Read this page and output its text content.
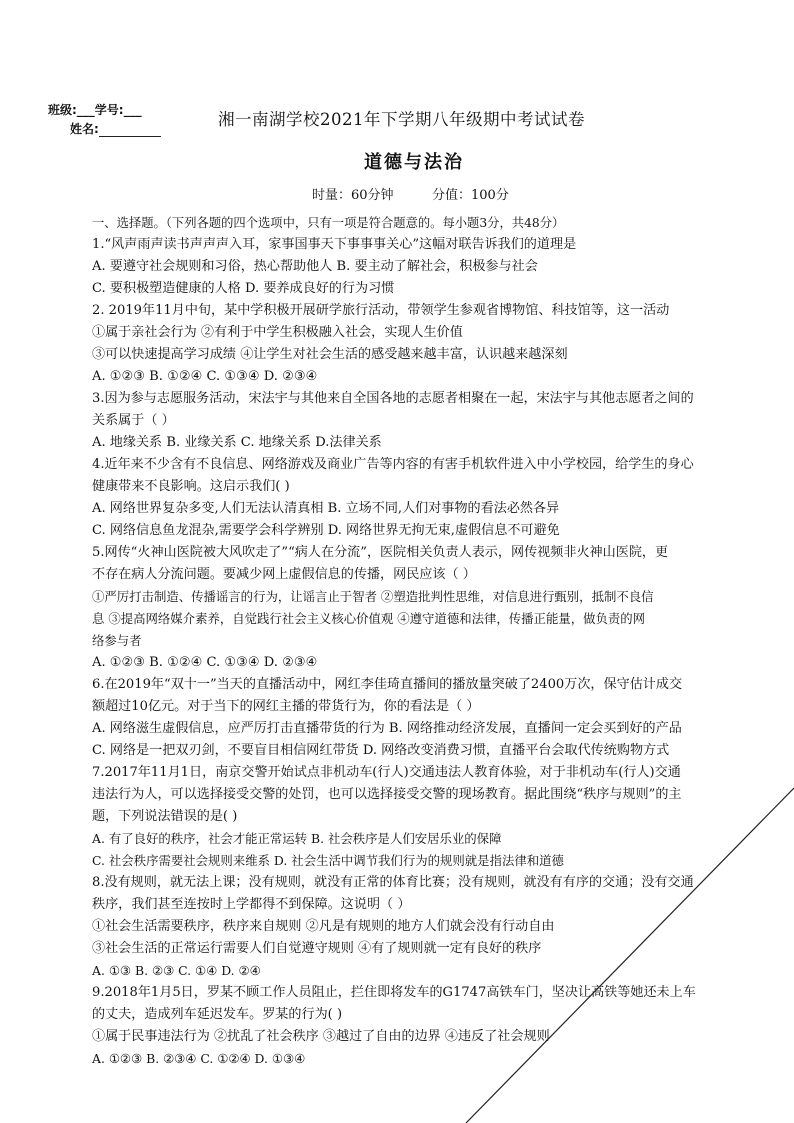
班级:___学号:___
姓名:	湘一南湖学校2021年下学期八年级期中考试试卷
道德与法治
时量：60分钟	分值：100分
一、选择题。（下列各题的四个选项中，只有一项是符合题意的。每小题3分，共48分）
1.“风声雨声读书声声声入耳，家事国事天下事事事关心”这幅对联告诉我们的道理是
A. 要遵守社会规则和习俗，热心帮助他人 B. 要主动了解社会，积极参与社会
C. 要积极塑造健康的人格 D. 要养成良好的行为习惯
2. 2019年11月中旬，某中学积极开展研学旅行活动，带领学生参观省博物馆、科技馆等，这一活动
①属于亲社会行为 ②有利于中学生积极融入社会，实现人生价值
③可以快速提高学习成绩 ④让学生对社会生活的感受越来越丰富，认识越来越深刻
A. ①②③ B. ①②④ C. ①③④ D. ②③④
3.因为参与志愿服务活动，宋法宇与其他来自全国各地的志愿者相聚在一起，宋法宇与其他志愿者之间的
关系属于（ ）
A. 地缘关系 B. 业缘关系 C. 地缘关系 D.法律关系
4.近年来不少含有不良信息、网络游戏及商业广告等内容的有害手机软件进入中小学校园，给学生的身心
健康带来不良影响。这启示我们( )
A. 网络世界复杂多变,人们无法认清真相 B. 立场不同,人们对事物的看法必然各异
C. 网络信息鱼龙混杂,需要学会科学辨别 D. 网络世界无拘无束,虚假信息不可避免
5.网传“火神山医院被大风吹走了”“病人在分流”，医院相关负责人表示，网传视频非火神山医院，更
不存在病人分流问题。要减少网上虚假信息的传播，网民应该（ ）
①严厉打击制造、传播谣言的行为，让谣言止于智者 ②塑造批判性思维，对信息进行甄别，抵制不良信
息 ③提高网络媒介素养，自觉践行社会主义核心价值观 ④遵守道德和法律，传播正能量，做负责的网
络参与者
A. ①②③ B. ①②④ C. ①③④ D. ②③④
6.在2019年“双十一”当天的直播活动中，网红李佳琦直播间的播放量突破了2400万次，保守估计成交
额超过10亿元。对于当下的网红主播的带货行为，你的看法是（ ）
A. 网络滋生虚假信息，应严厉打击直播带货的行为 B. 网络推动经济发展，直播间一定会买到好的产品
C. 网络是一把双刃剑，不要盲目相信网红带货 D. 网络改变消费习惯，直播平台会取代传统购物方式
7.2017年11月1日，南京交警开始试点非机动车(行人)交通违法人教育体验，对于非机动车(行人)交通
违法行为人，可以选择接受交警的处罚，也可以选择接受交警的现场教育。据此围绕“秩序与规则”的主
题，下列说法错误的是( )
A. 有了良好的秩序，社会才能正常运转 B. 社会秩序是人们安居乐业的保障
C. 社会秩序需要社会规则来维系 D. 社会生活中调节我们行为的规则就是指法律和道德
8.没有规则，就无法上课；没有规则，就没有正常的体育比赛；没有规则，就没有有序的交通；没有交通
秩序，我们甚至连按时上学都得不到保障。这说明（ ）
①社会生活需要秩序，秩序来自规则 ②凡是有规则的地方人们就会没有行动自由
③社会生活的正常运行需要人们自觉遵守规则 ④有了规则就一定有良好的秩序
A. ①③ B. ②③ C. ①④ D. ②④
9.2018年1月5日，罗某不顾工作人员阻止，拦住即将发车的G1747高铁车门，坚决让高铁等她还未上车
的丈夫，造成列车延迟发车。罗某的行为( )
①属于民事违法行为 ②扰乱了社会秩序 ③越过了自由的边界 ④违反了社会规则
A. ①②③ B. ②③④ C. ①②④ D. ①③④
